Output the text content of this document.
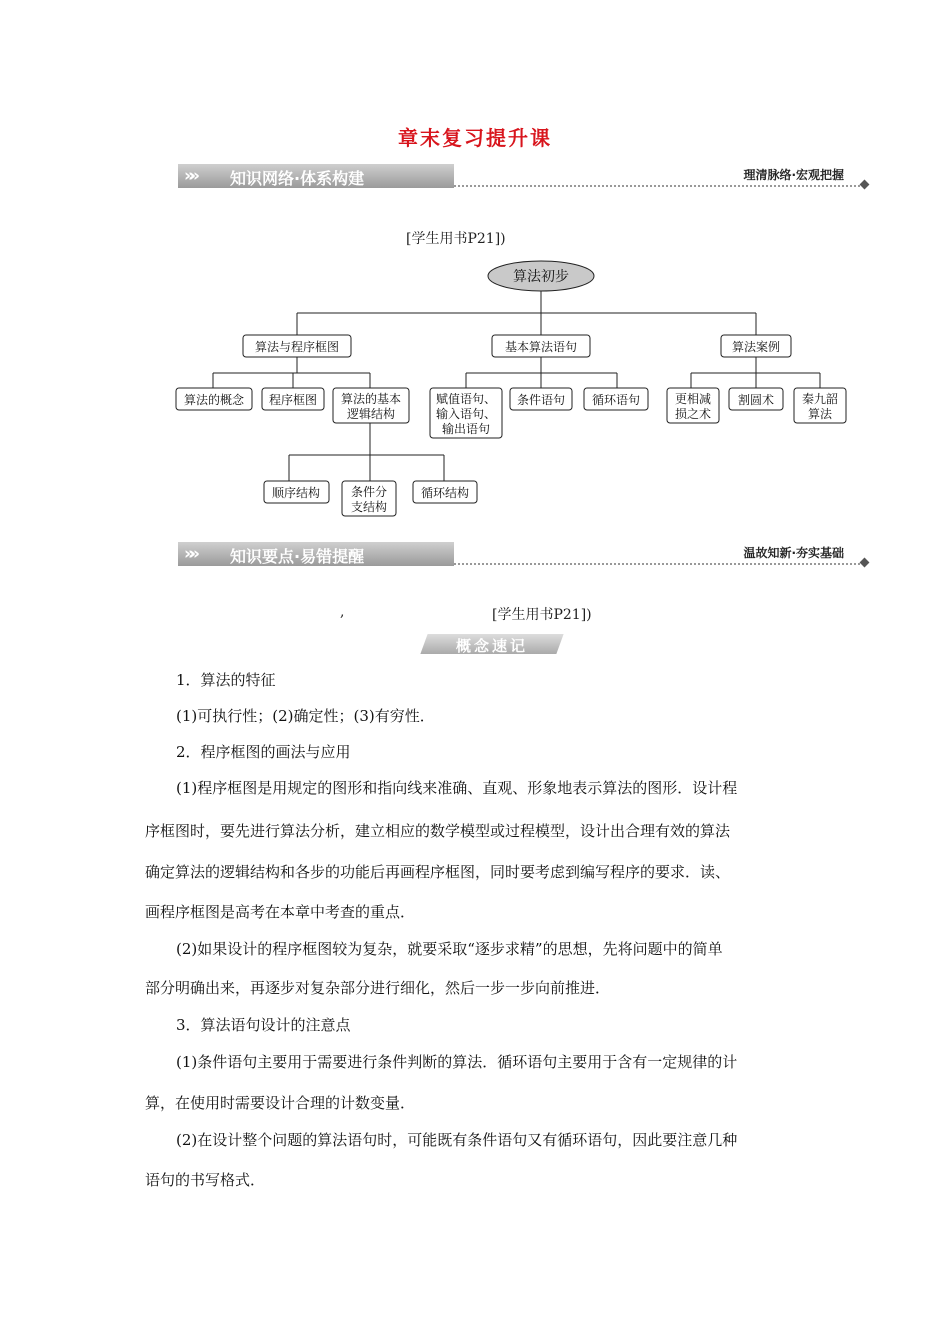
章末复习提升课
»» 知识网络·体系构建	理清脉络·宏观把握
[学生用书P21])
算法初步
算法与程序框图	基本算法语句	算法案例
算法的概念 程序框图 算法的基本
逻辑结构
赋值语句、
输入语句、
输出语句
条件语句 循环语句	更相减
损之术
割圆术 秦九韶
算法
顺序结构	条件分
支结构
循环结构
»» 知识要点·易错提醒	温故知新·夯实基础
,	[学生用书P21])
概念速记
1．算法的特征
(1)可执行性；(2)确定性；(3)有穷性．
2．程序框图的画法与应用
(1)程序框图是用规定的图形和指向线来准确、直观、形象地表示算法的图形．设计程
序框图时，要先进行算法分析，建立相应的数学模型或过程模型，设计出合理有效的算法
确定算法的逻辑结构和各步的功能后再画程序框图，同时要考虑到编写程序的要求．读、
画程序框图是高考在本章中考查的重点．
(2)如果设计的程序框图较为复杂，就要采取“逐步求精”的思想，先将问题中的简单
部分明确出来，再逐步对复杂部分进行细化，然后一步一步向前推进．
3．算法语句设计的注意点
(1)条件语句主要用于需要进行条件判断的算法．循环语句主要用于含有一定规律的计
算，在使用时需要设计合理的计数变量．
(2)在设计整个问题的算法语句时，可能既有条件语句又有循环语句，因此要注意几种
语句的书写格式．
